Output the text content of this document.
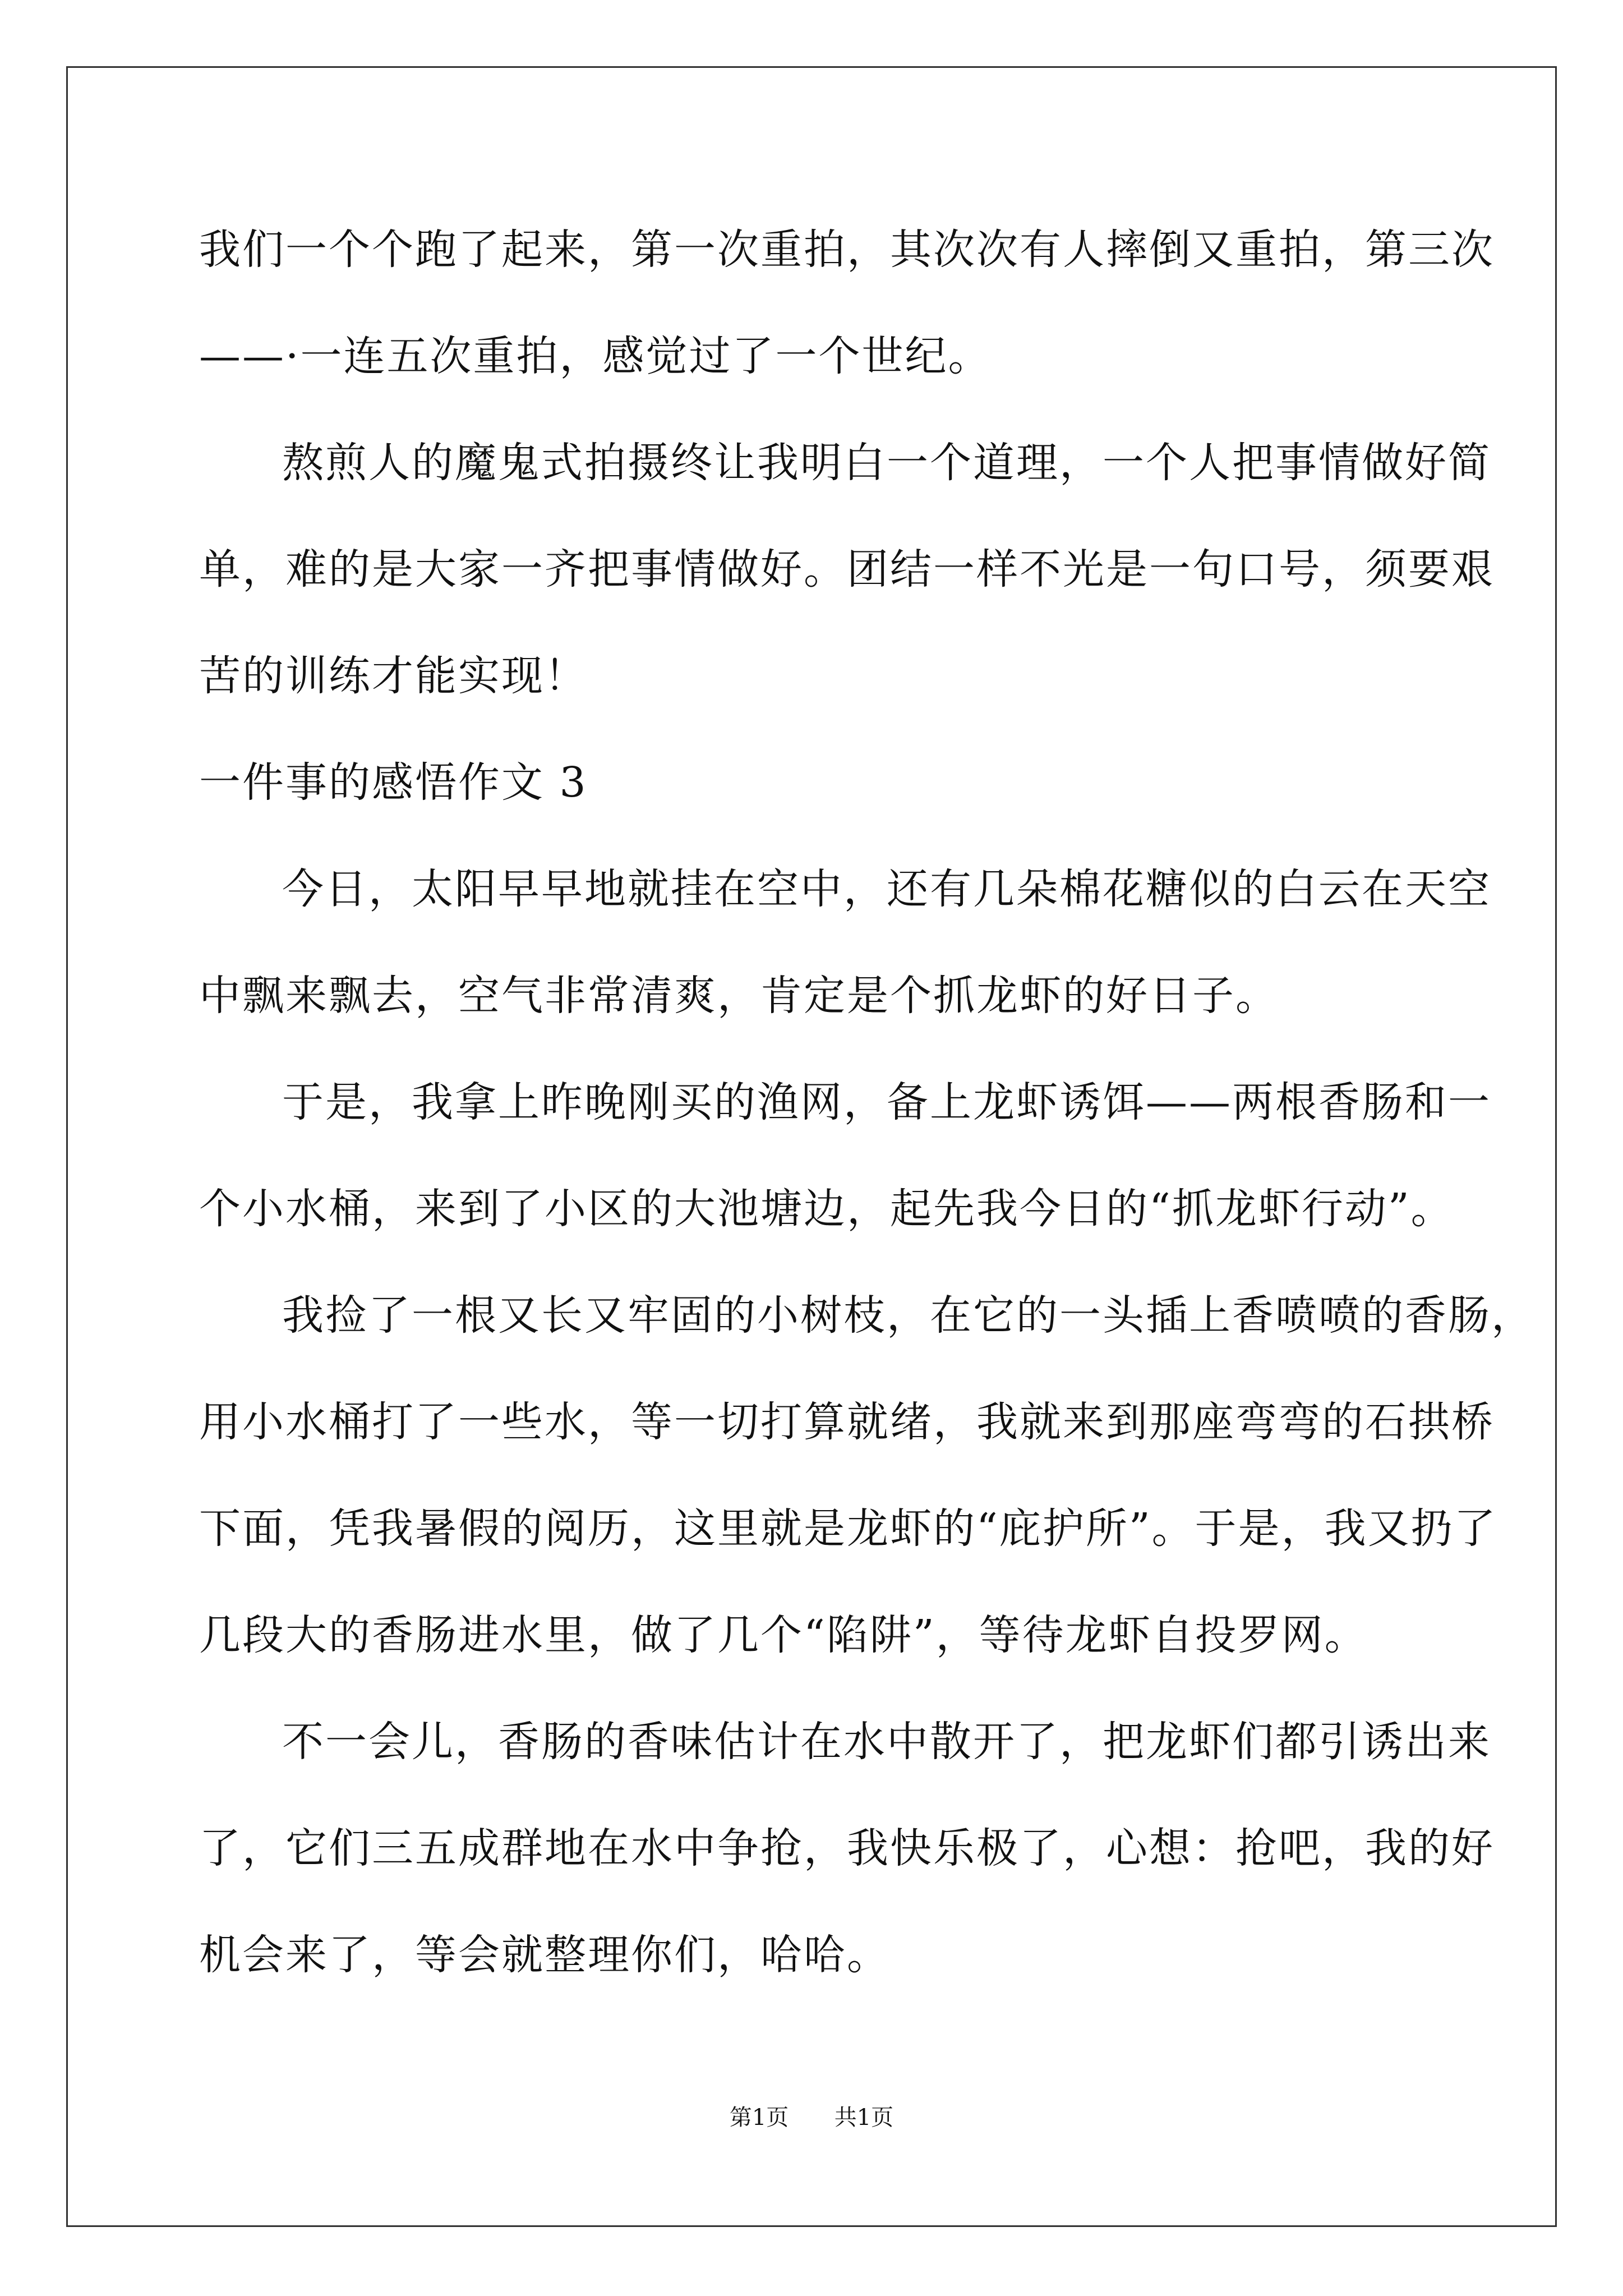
我们一个个跑了起来，第一次重拍，其次次有人摔倒又重拍，第三次
——·一连五次重拍，感觉过了一个世纪。
熬煎人的魔鬼式拍摄终让我明白一个道理，一个人把事情做好简
单，难的是大家一齐把事情做好。团结一样不光是一句口号，须要艰
苦的训练才能实现！
一件事的感悟作文 3
今日，太阳早早地就挂在空中，还有几朵棉花糖似的白云在天空
中飘来飘去，空气非常清爽，肯定是个抓龙虾的好日子。
于是，我拿上昨晚刚买的渔网，备上龙虾诱饵——两根香肠和一
个小水桶，来到了小区的大池塘边，起先我今日的“抓龙虾行动”。
我捡了一根又长又牢固的小树枝，在它的一头插上香喷喷的香肠，
用小水桶打了一些水，等一切打算就绪，我就来到那座弯弯的石拱桥
下面，凭我暑假的阅历，这里就是龙虾的“庇护所”。于是，我又扔了
几段大的香肠进水里，做了几个“陷阱”，等待龙虾自投罗网。
不一会儿，香肠的香味估计在水中散开了，把龙虾们都引诱出来
了，它们三五成群地在水中争抢，我快乐极了，心想：抢吧，我的好
机会来了，等会就整理你们，哈哈。
第1页 共1页
